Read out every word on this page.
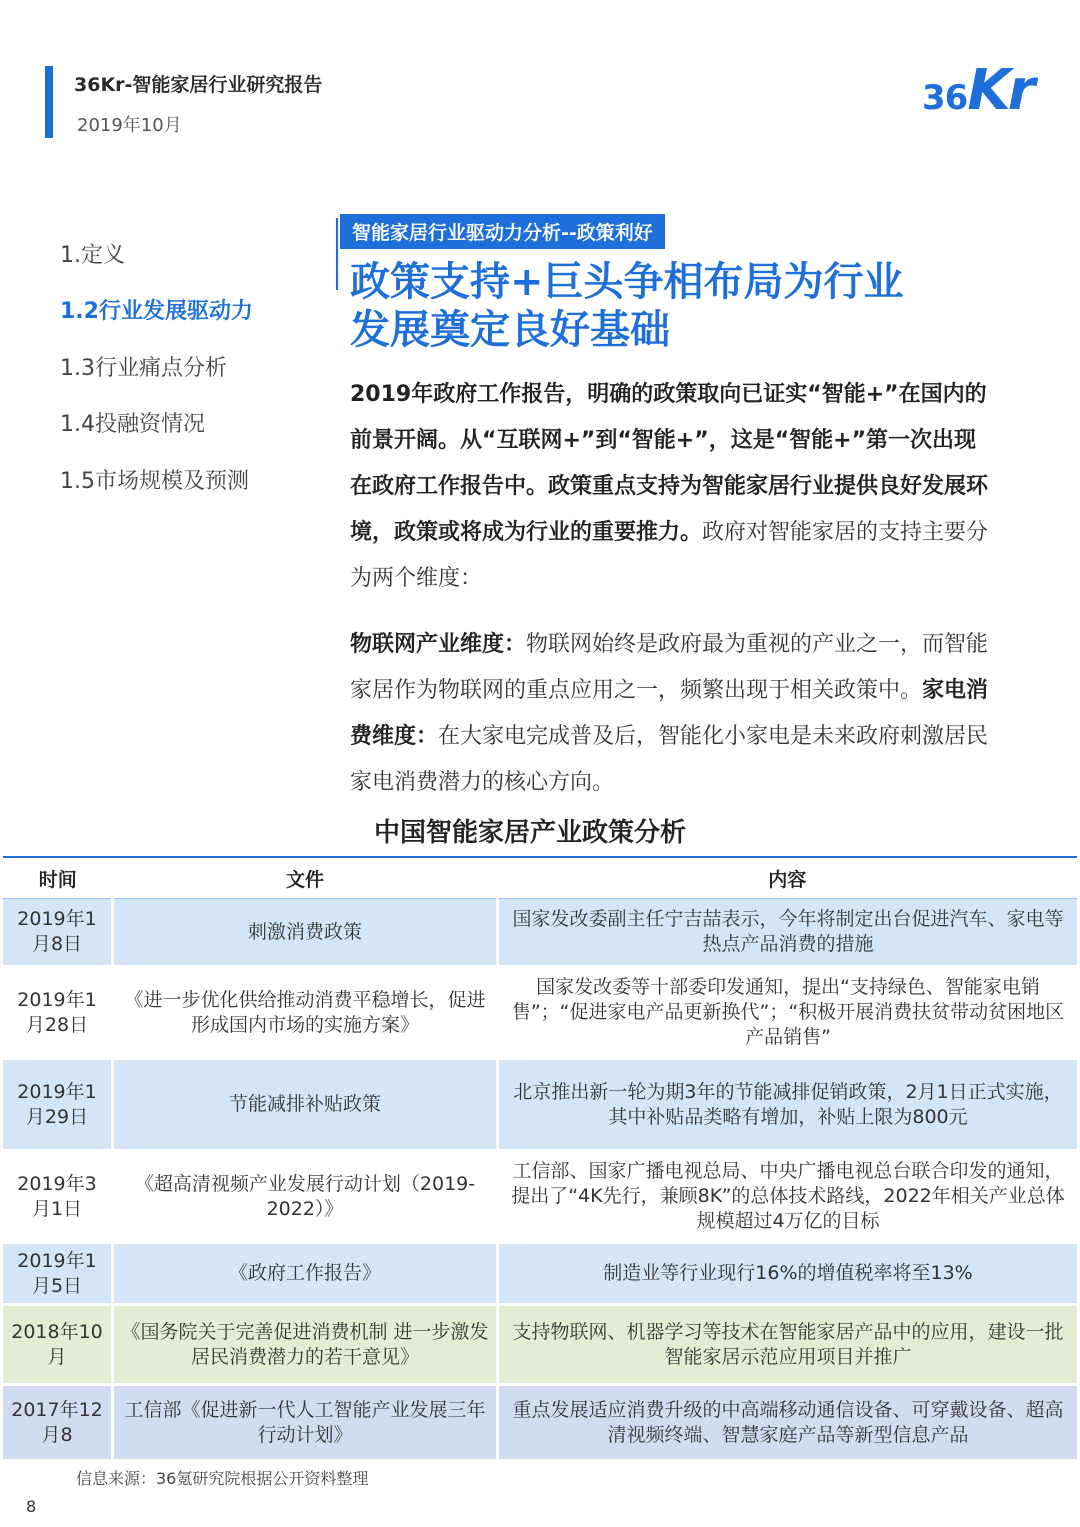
36Kr-智能家居行业研究报告
2019年10月
36Kr
1.定义
1.2行业发展驱动力
1.3行业痛点分析
1.4投融资情况
1.5市场规模及预测
智能家居行业驱动力分析--政策利好
政策支持+巨头争相布局为行业
发展奠定良好基础
2019年政府工作报告，明确的政策取向已证实“智能+”在国内的前景开阔。从“互联网+”到“智能+”，这是“智能+”第一次出现在政府工作报告中。政策重点支持为智能家居行业提供良好发展环境，政策或将成为行业的重要推力。政府对智能家居的支持主要分为两个维度：
物联网产业维度：物联网始终是政府最为重视的产业之一，而智能家居作为物联网的重点应用之一，频繁出现于相关政策中。家电消费维度：在大家电完成普及后，智能化小家电是未来政府刺激居民家电消费潜力的核心方向。
中国智能家居产业政策分析
时间	文件	内容
2019年1月8日	刺激消费政策	国家发改委副主任宁吉喆表示，今年将制定出台促进汽车、家电等热点产品消费的措施
2019年1月28日	《进一步优化供给推动消费平稳增长，促进形成国内市场的实施方案》	国家发改委等十部委印发通知，提出“支持绿色、智能家电销售”；“促进家电产品更新换代”；“积极开展消费扶贫带动贫困地区产品销售”
2019年1月29日	节能减排补贴政策	北京推出新一轮为期3年的节能减排促销政策，2月1日正式实施，其中补贴品类略有增加，补贴上限为800元
2019年3月1日	《超高清视频产业发展行动计划（2019-2022）》	工信部、国家广播电视总局、中央广播电视总台联合印发的通知，提出了“4K先行，兼顾8K”的总体技术路线，2022年相关产业总体规模超过4万亿的目标
2019年1月5日	《政府工作报告》	制造业等行业现行16%的增值税率将至13%
2018年10月	《国务院关于完善促进消费机制 进一步激发居民消费潜力的若干意见》	支持物联网、机器学习等技术在智能家居产品中的应用，建设一批智能家居示范应用项目并推广
2017年12月8	工信部《促进新一代人工智能产业发展三年行动计划》	重点发展适应消费升级的中高端移动通信设备、可穿戴设备、超高清视频终端、智慧家庭产品等新型信息产品
信息来源：36氪研究院根据公开资料整理
8
